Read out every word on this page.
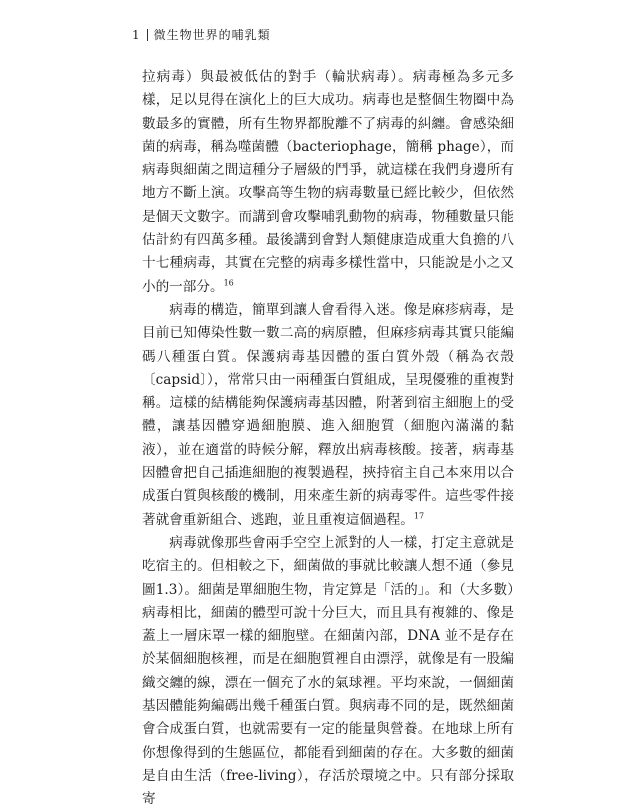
1 微生物世界的哺乳類

拉病毒）與最被低估的對手（輪狀病毒）。病毒極為多元多樣，足以見得在演化上的巨大成功。病毒也是整個生物圈中為數最多的實體，所有生物界都脫離不了病毒的糾纏。會感染細菌的病毒，稱為噬菌體（bacteriophage，簡稱 phage），而病毒與細菌之間這種分子層級的鬥爭，就這樣在我們身邊所有地方不斷上演。攻擊高等生物的病毒數量已經比較少，但依然是個天文數字。而講到會攻擊哺乳動物的病毒，物種數量只能估計約有四萬多種。最後講到會對人類健康造成重大負擔的八十七種病毒，其實在完整的病毒多樣性當中，只能說是小之又小的一部分。$^{16}$

病毒的構造，簡單到讓人會看得入迷。像是麻疹病毒，是目前已知傳染性數一數二高的病原體，但麻疹病毒其實只能編碼八種蛋白質。保護病毒基因體的蛋白質外殼（稱為衣殼〔capsid〕），常常只由一兩種蛋白質組成，呈現優雅的重複對稱。這樣的結構能夠保護病毒基因體，附著到宿主細胞上的受體，讓基因體穿過細胞膜、進入細胞質（細胞內滿滿的黏液），並在適當的時候分解，釋放出病毒核酸。接著，病毒基因體會把自己插進細胞的複製過程，挾持宿主自己本來用以合成蛋白質與核酸的機制，用來產生新的病毒零件。這些零件接著就會重新組合、逃跑，並且重複這個過程。$^{17}$

病毒就像那些會兩手空空上派對的人一樣，打定主意就是吃宿主的。但相較之下，細菌做的事就比較讓人想不通（參見圖1.3）。細菌是單細胞生物，肯定算是「活的」。和（大多數）病毒相比，細菌的體型可說十分巨大，而且具有複雜的、像是蓋上一層床罩一樣的細胞壁。在細菌內部，DNA 並不是存在於某個細胞核裡，而是在細胞質裡自由漂浮，就像是有一股編織交纏的線，漂在一個充了水的氣球裡。平均來說，一個細菌基因體能夠編碼出幾千種蛋白質。與病毒不同的是，既然細菌會合成蛋白質，也就需要有一定的能量與營養。在地球上所有你想像得到的生態區位，都能看到細菌的存在。大多數的細菌是自由生活（free-living），存活於環境之中。只有部分採取寄
